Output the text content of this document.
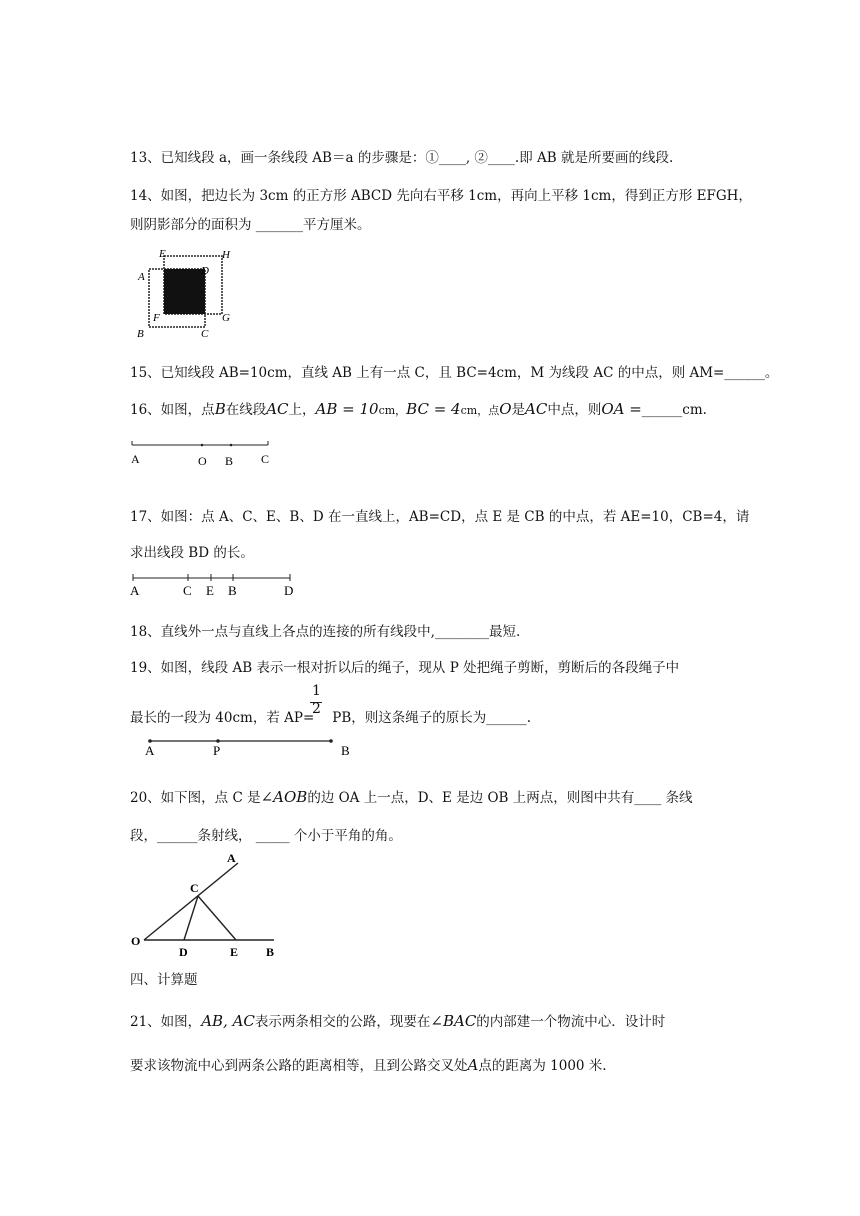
13、已知线段 a，画一条线段 AB＝a 的步骤是：①____, ②____.即 AB 就是所要画的线段.
14、如图，把边长为 3cm 的正方形 ABCD 先向右平移 1cm，再向上平移 1cm，得到正方形 EFGH，
则阴影部分的面积为 _______平方厘米。
E	H
A	D
F	G
B	C
15、已知线段 AB=10cm，直线 AB 上有一点 C，且 BC=4cm，M 为线段 AC 的中点，则 AM=______。
16、如图，点B在线段AC上，AB = 10cm，BC = 4cm，点O是AC中点，则OA =______cm.
A	O B C
17、如图：点 A、C、E、B、D 在一直线上，AB=CD，点 E 是 CB 的中点，若 AE=10，CB=4，请
求出线段 BD 的长。
A	C E B	D
18、直线外一点与直线上各点的连接的所有线段中,________最短.
19、如图，线段 AB 表示一根对折以后的绳子，现从 P 处把绳子剪断，剪断后的各段绳子中
1
2
最长的一段为 40cm，若 AP= PB，则这条绳子的原长为______.
A	P	B
20、如下图，点 C 是∠AOB的边 OA 上一点，D、E 是边 OB 上两点，则图中共有____ 条线
段，______条射线， _____ 个小于平角的角。
A
C
O
D	E B
四、计算题
21、如图，AB, AC表示两条相交的公路，现要在∠BAC的内部建一个物流中心．设计时
要求该物流中心到两条公路的距离相等，且到公路交叉处A点的距离为 1000 米.
